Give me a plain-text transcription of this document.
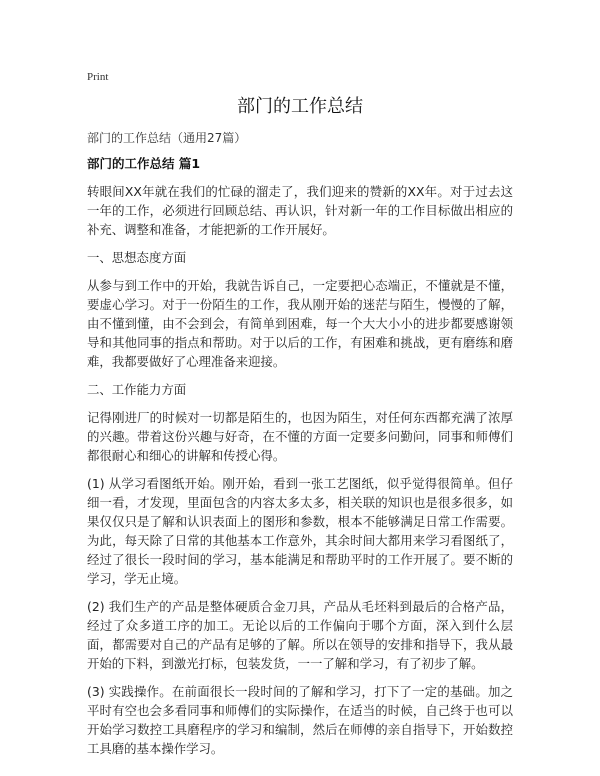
Print
部门的工作总结
部门的工作总结（通用27篇）
部门的工作总结 篇1

转眼间XX年就在我们的忙碌的溜走了，我们迎来的赞新的XX年。对于过去这一年的工作，必须进行回顾总结、再认识，针对新一年的工作目标做出相应的补充、调整和准备，才能把新的工作开展好。

一、思想态度方面

从参与到工作中的开始，我就告诉自己，一定要把心态端正，不懂就是不懂，要虚心学习。对于一份陌生的工作，我从刚开始的迷茫与陌生，慢慢的了解，由不懂到懂，由不会到会，有简单到困难，每一个大大小小的进步都要感谢领导和其他同事的指点和帮助。对于以后的工作，有困难和挑战，更有磨练和磨难，我都要做好了心理准备来迎接。

二、工作能力方面

记得刚进厂的时候对一切都是陌生的，也因为陌生，对任何东西都充满了浓厚的兴趣。带着这份兴趣与好奇，在不懂的方面一定要多问勤问，同事和师傅们都很耐心和细心的讲解和传授心得。

(1) 从学习看图纸开始。刚开始，看到一张工艺图纸，似乎觉得很简单。但仔细一看，才发现，里面包含的内容太多太多，相关联的知识也是很多很多，如果仅仅只是了解和认识表面上的图形和参数，根本不能够满足日常工作需要。为此，每天除了日常的其他基本工作意外，其余时间大都用来学习看图纸了，经过了很长一段时间的学习，基本能满足和帮助平时的工作开展了。要不断的学习，学无止境。

(2) 我们生产的产品是整体硬质合金刀具，产品从毛坯料到最后的合格产品，经过了众多道工序的加工。无论以后的工作偏向于哪个方面，深入到什么层面，都需要对自己的产品有足够的了解。所以在领导的安排和指导下，我从最开始的下料，到激光打标，包装发货，一一了解和学习，有了初步了解。

(3) 实践操作。在前面很长一段时间的了解和学习，打下了一定的基础。加之平时有空也会多看同事和师傅们的实际操作，在适当的时候，自己终于也可以开始学习数控工具磨程序的学习和编制，然后在师傅的亲自指导下，开始数控工具磨的基本操作学习。
